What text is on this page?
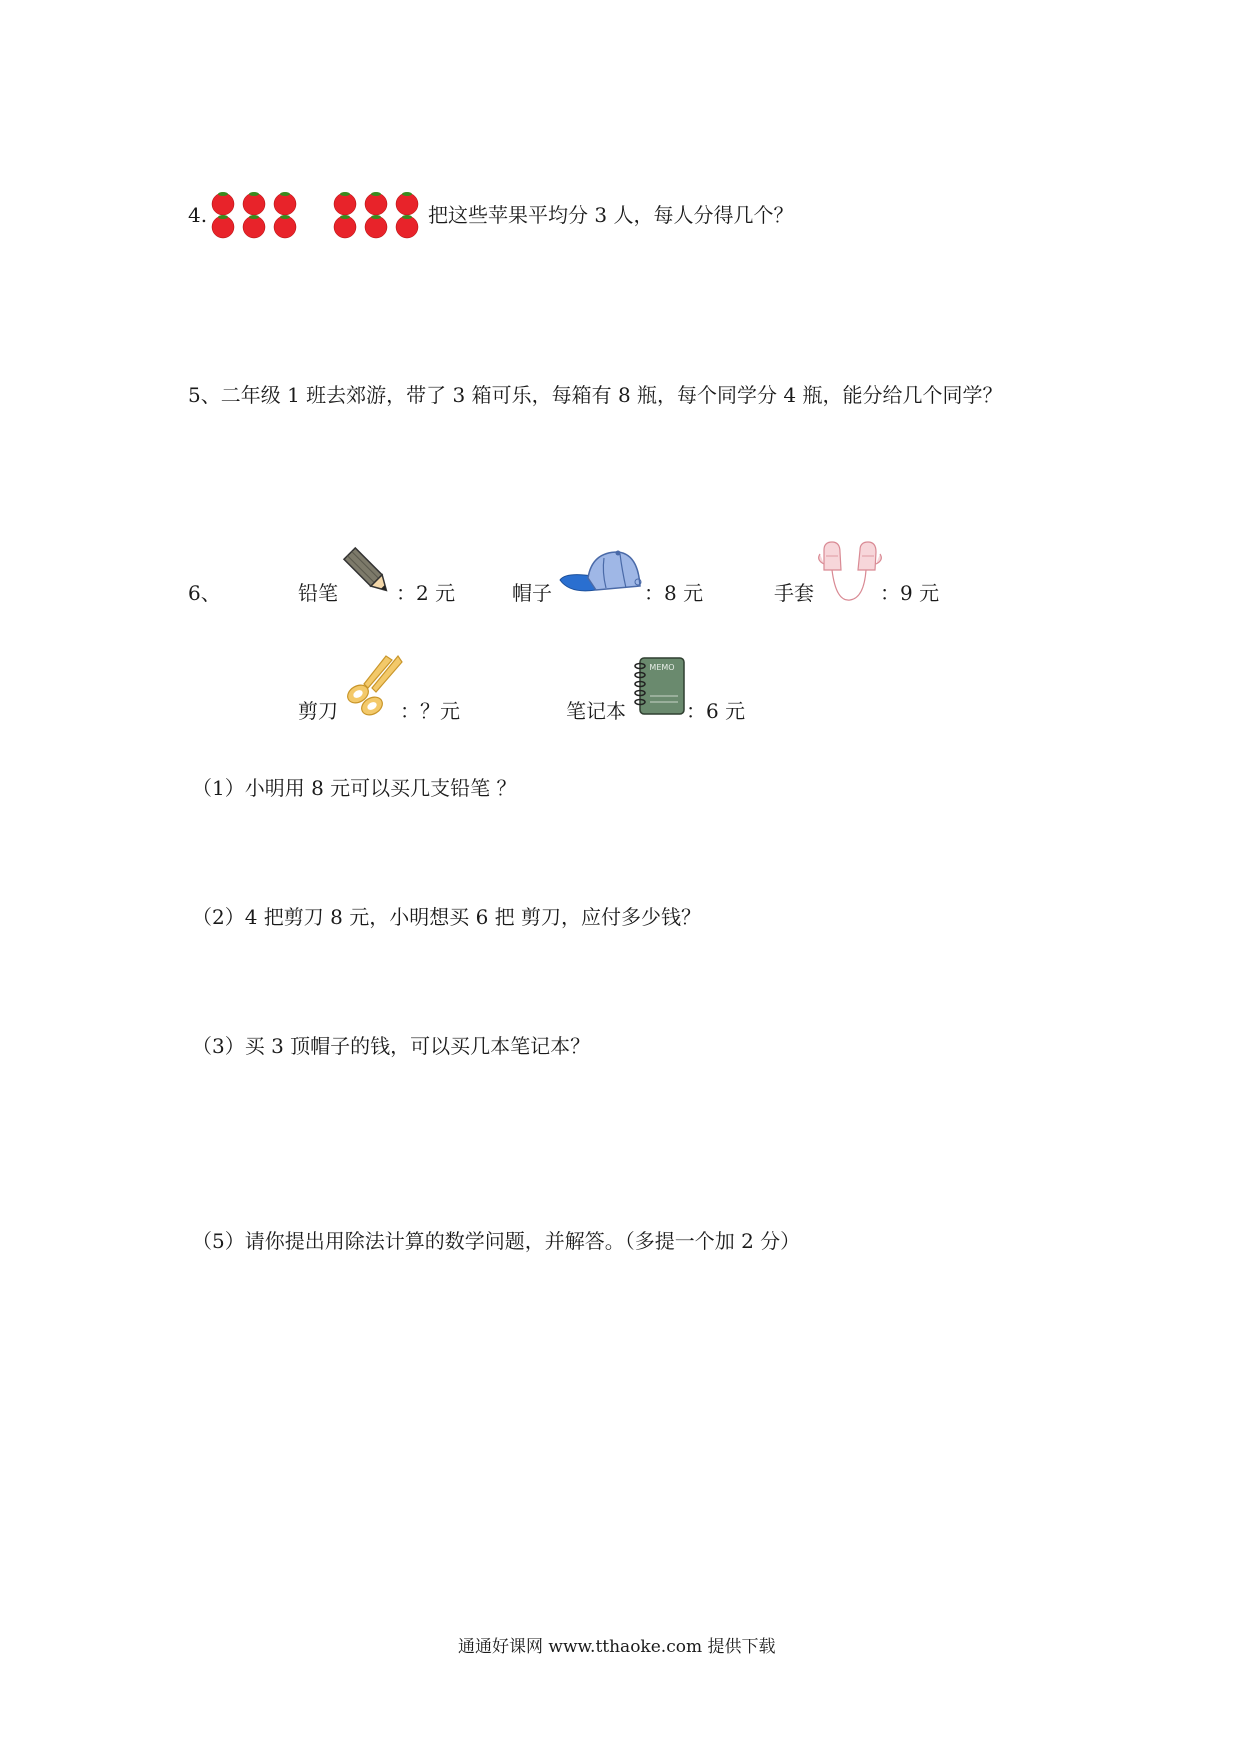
4.	把这些苹果平均分 3 人，每人分得几个？
5、二年级 1 班去郊游，带了 3 箱可乐，每箱有 8 瓶，每个同学分 4 瓶，能分给几个同学？
6、	铅笔	：2 元	帽子	：8 元	手套	：9 元
剪刀	：？元	笔记本
MEMO
：6 元
（1）小明用 8 元可以买几支铅笔 ？
（2）4 把剪刀 8 元，小明想买 6 把 剪刀，应付多少钱？
（3）买 3 顶帽子的钱，可以买几本笔记本？
（5）请你提出用除法计算的数学问题，并解答。（多提一个加 2 分）
通通好课网 www.tthaoke.com 提供下载
